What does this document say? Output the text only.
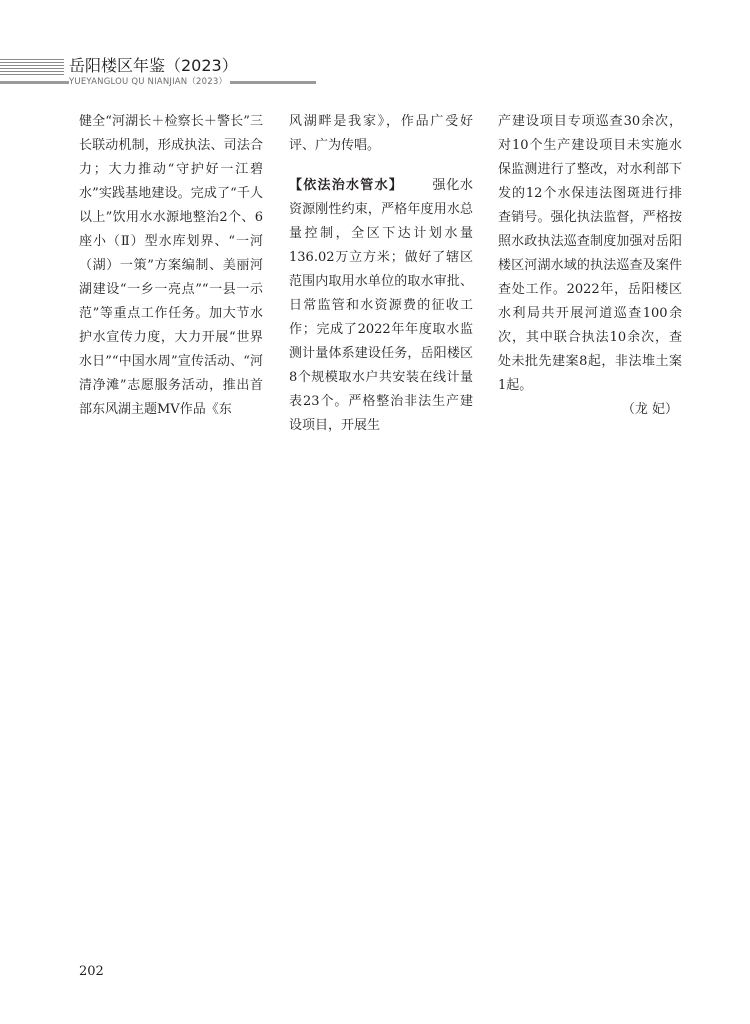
岳阳楼区年鉴（2023）
YUEYANGLOU QU NIANJIAN（2023）

健全“河湖长＋检察长＋警长”三长联动机制，形成执法、司法合力；大力推动“守护好一江碧水”实践基地建设。完成了“千人以上”饮用水水源地整治2个、6座小（Ⅱ）型水库划界、“一河（湖）一策”方案编制、美丽河湖建设“一乡一亮点”“一县一示范”等重点工作任务。加大节水护水宣传力度，大力开展“世界水日”“中国水周”宣传活动、“河清净滩”志愿服务活动，推出首部东风湖主题MV作品《东

风湖畔是我家》，作品广受好评、广为传唱。

【依法治水管水】 强化水资源刚性约束，严格年度用水总量控制，全区下达计划水量136.02万立方米；做好了辖区范围内取用水单位的取水审批、日常监管和水资源费的征收工作；完成了2022年年度取水监测计量体系建设任务，岳阳楼区8个规模取水户共安装在线计量表23个。严格整治非法生产建设项目，开展生

产建设项目专项巡查30余次，对10个生产建设项目未实施水保监测进行了整改，对水利部下发的12个水保违法图斑进行排查销号。强化执法监督，严格按照水政执法巡查制度加强对岳阳楼区河湖水域的执法巡查及案件查处工作。2022年，岳阳楼区水利局共开展河道巡查100余次，其中联合执法10余次，查处未批先建案8起，非法堆土案1起。

（龙 妃）

202
